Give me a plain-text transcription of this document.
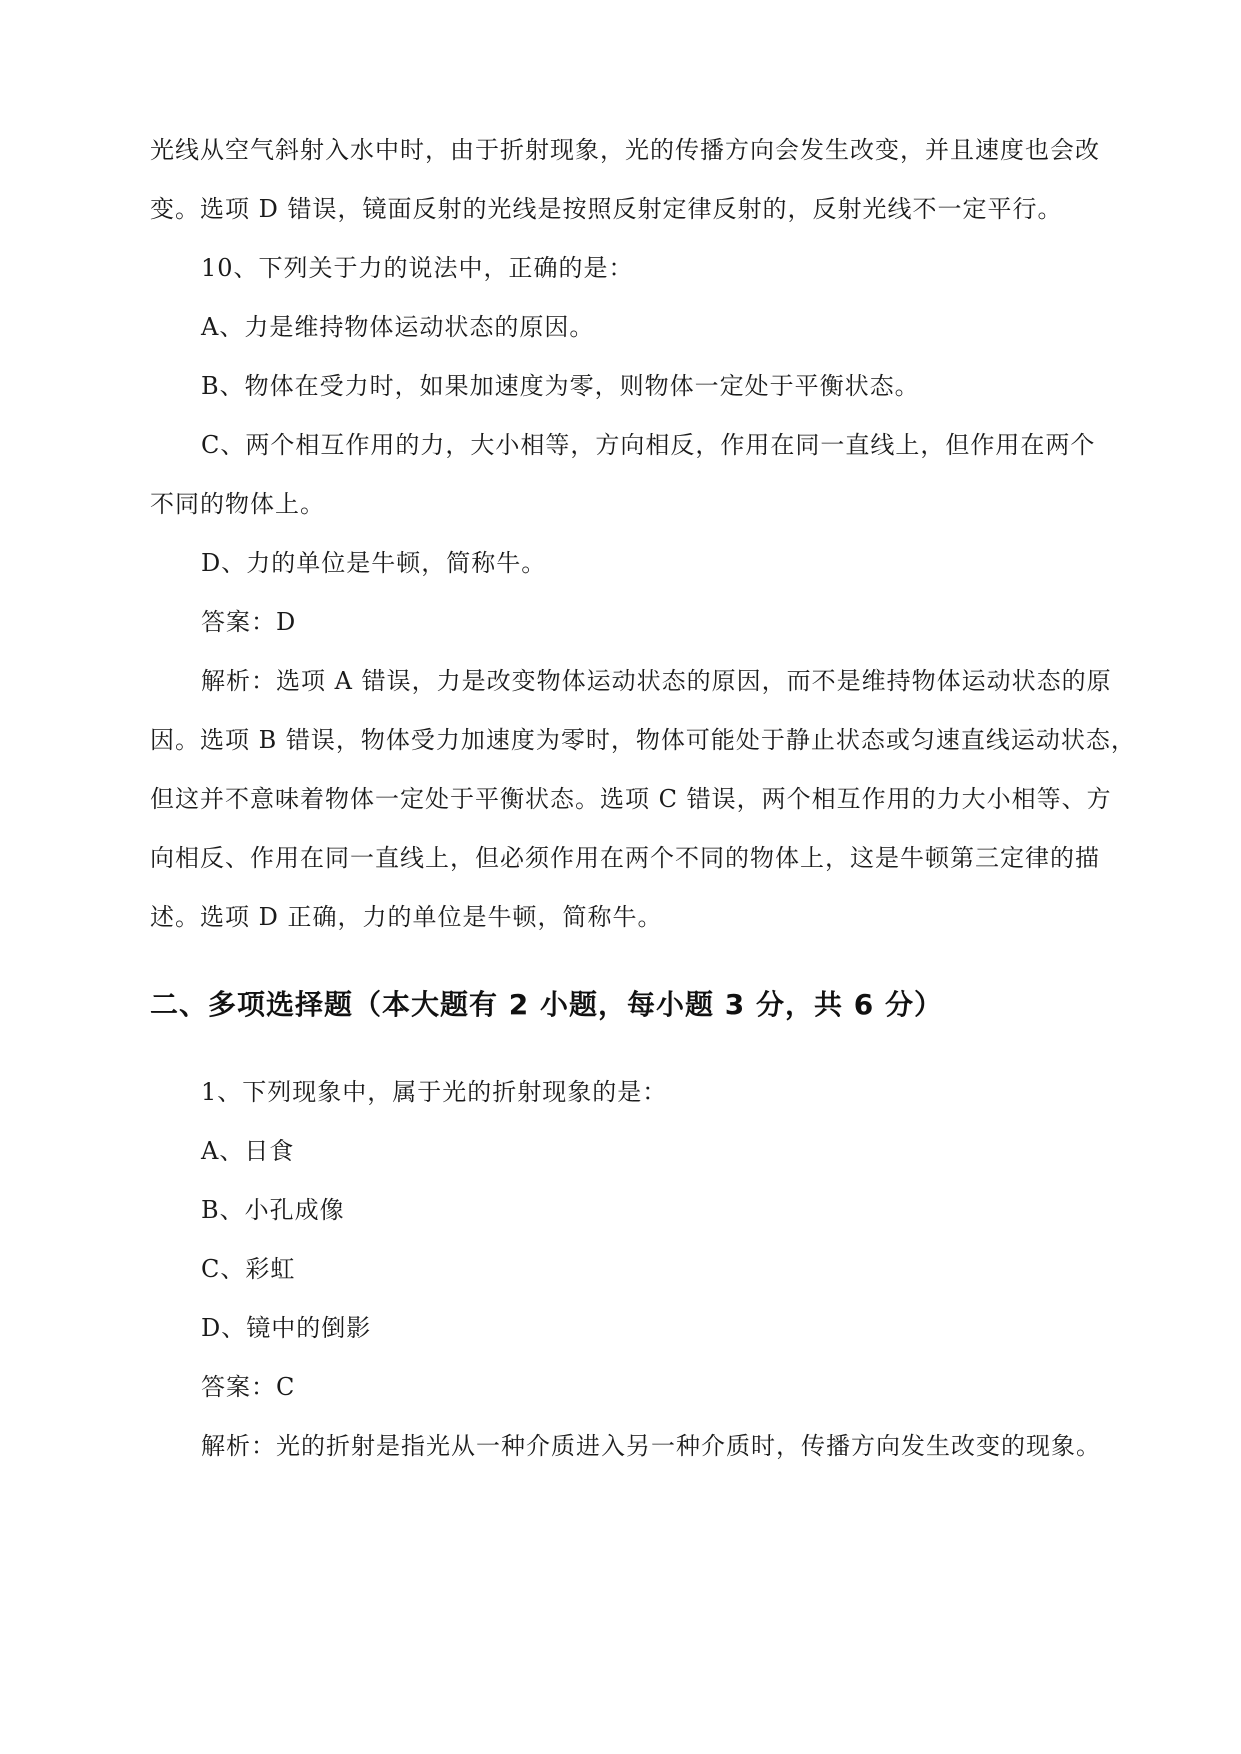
光线从空气斜射入水中时，由于折射现象，光的传播方向会发生改变，并且速度也会改
变。选项 D 错误，镜面反射的光线是按照反射定律反射的，反射光线不一定平行。
10、下列关于力的说法中，正确的是：
A、力是维持物体运动状态的原因。
B、物体在受力时，如果加速度为零，则物体一定处于平衡状态。
C、两个相互作用的力，大小相等，方向相反，作用在同一直线上，但作用在两个
不同的物体上。
D、力的单位是牛顿，简称牛。
答案：D
解析：选项 A 错误，力是改变物体运动状态的原因，而不是维持物体运动状态的原
因。选项 B 错误，物体受力加速度为零时，物体可能处于静止状态或匀速直线运动状态，
但这并不意味着物体一定处于平衡状态。选项 C 错误，两个相互作用的力大小相等、方
向相反、作用在同一直线上，但必须作用在两个不同的物体上，这是牛顿第三定律的描
述。选项 D 正确，力的单位是牛顿，简称牛。
二、多项选择题（本大题有 2 小题，每小题 3 分，共 6 分）
1、下列现象中，属于光的折射现象的是：
A、日食
B、小孔成像
C、彩虹
D、镜中的倒影
答案：C
解析：光的折射是指光从一种介质进入另一种介质时，传播方向发生改变的现象。
